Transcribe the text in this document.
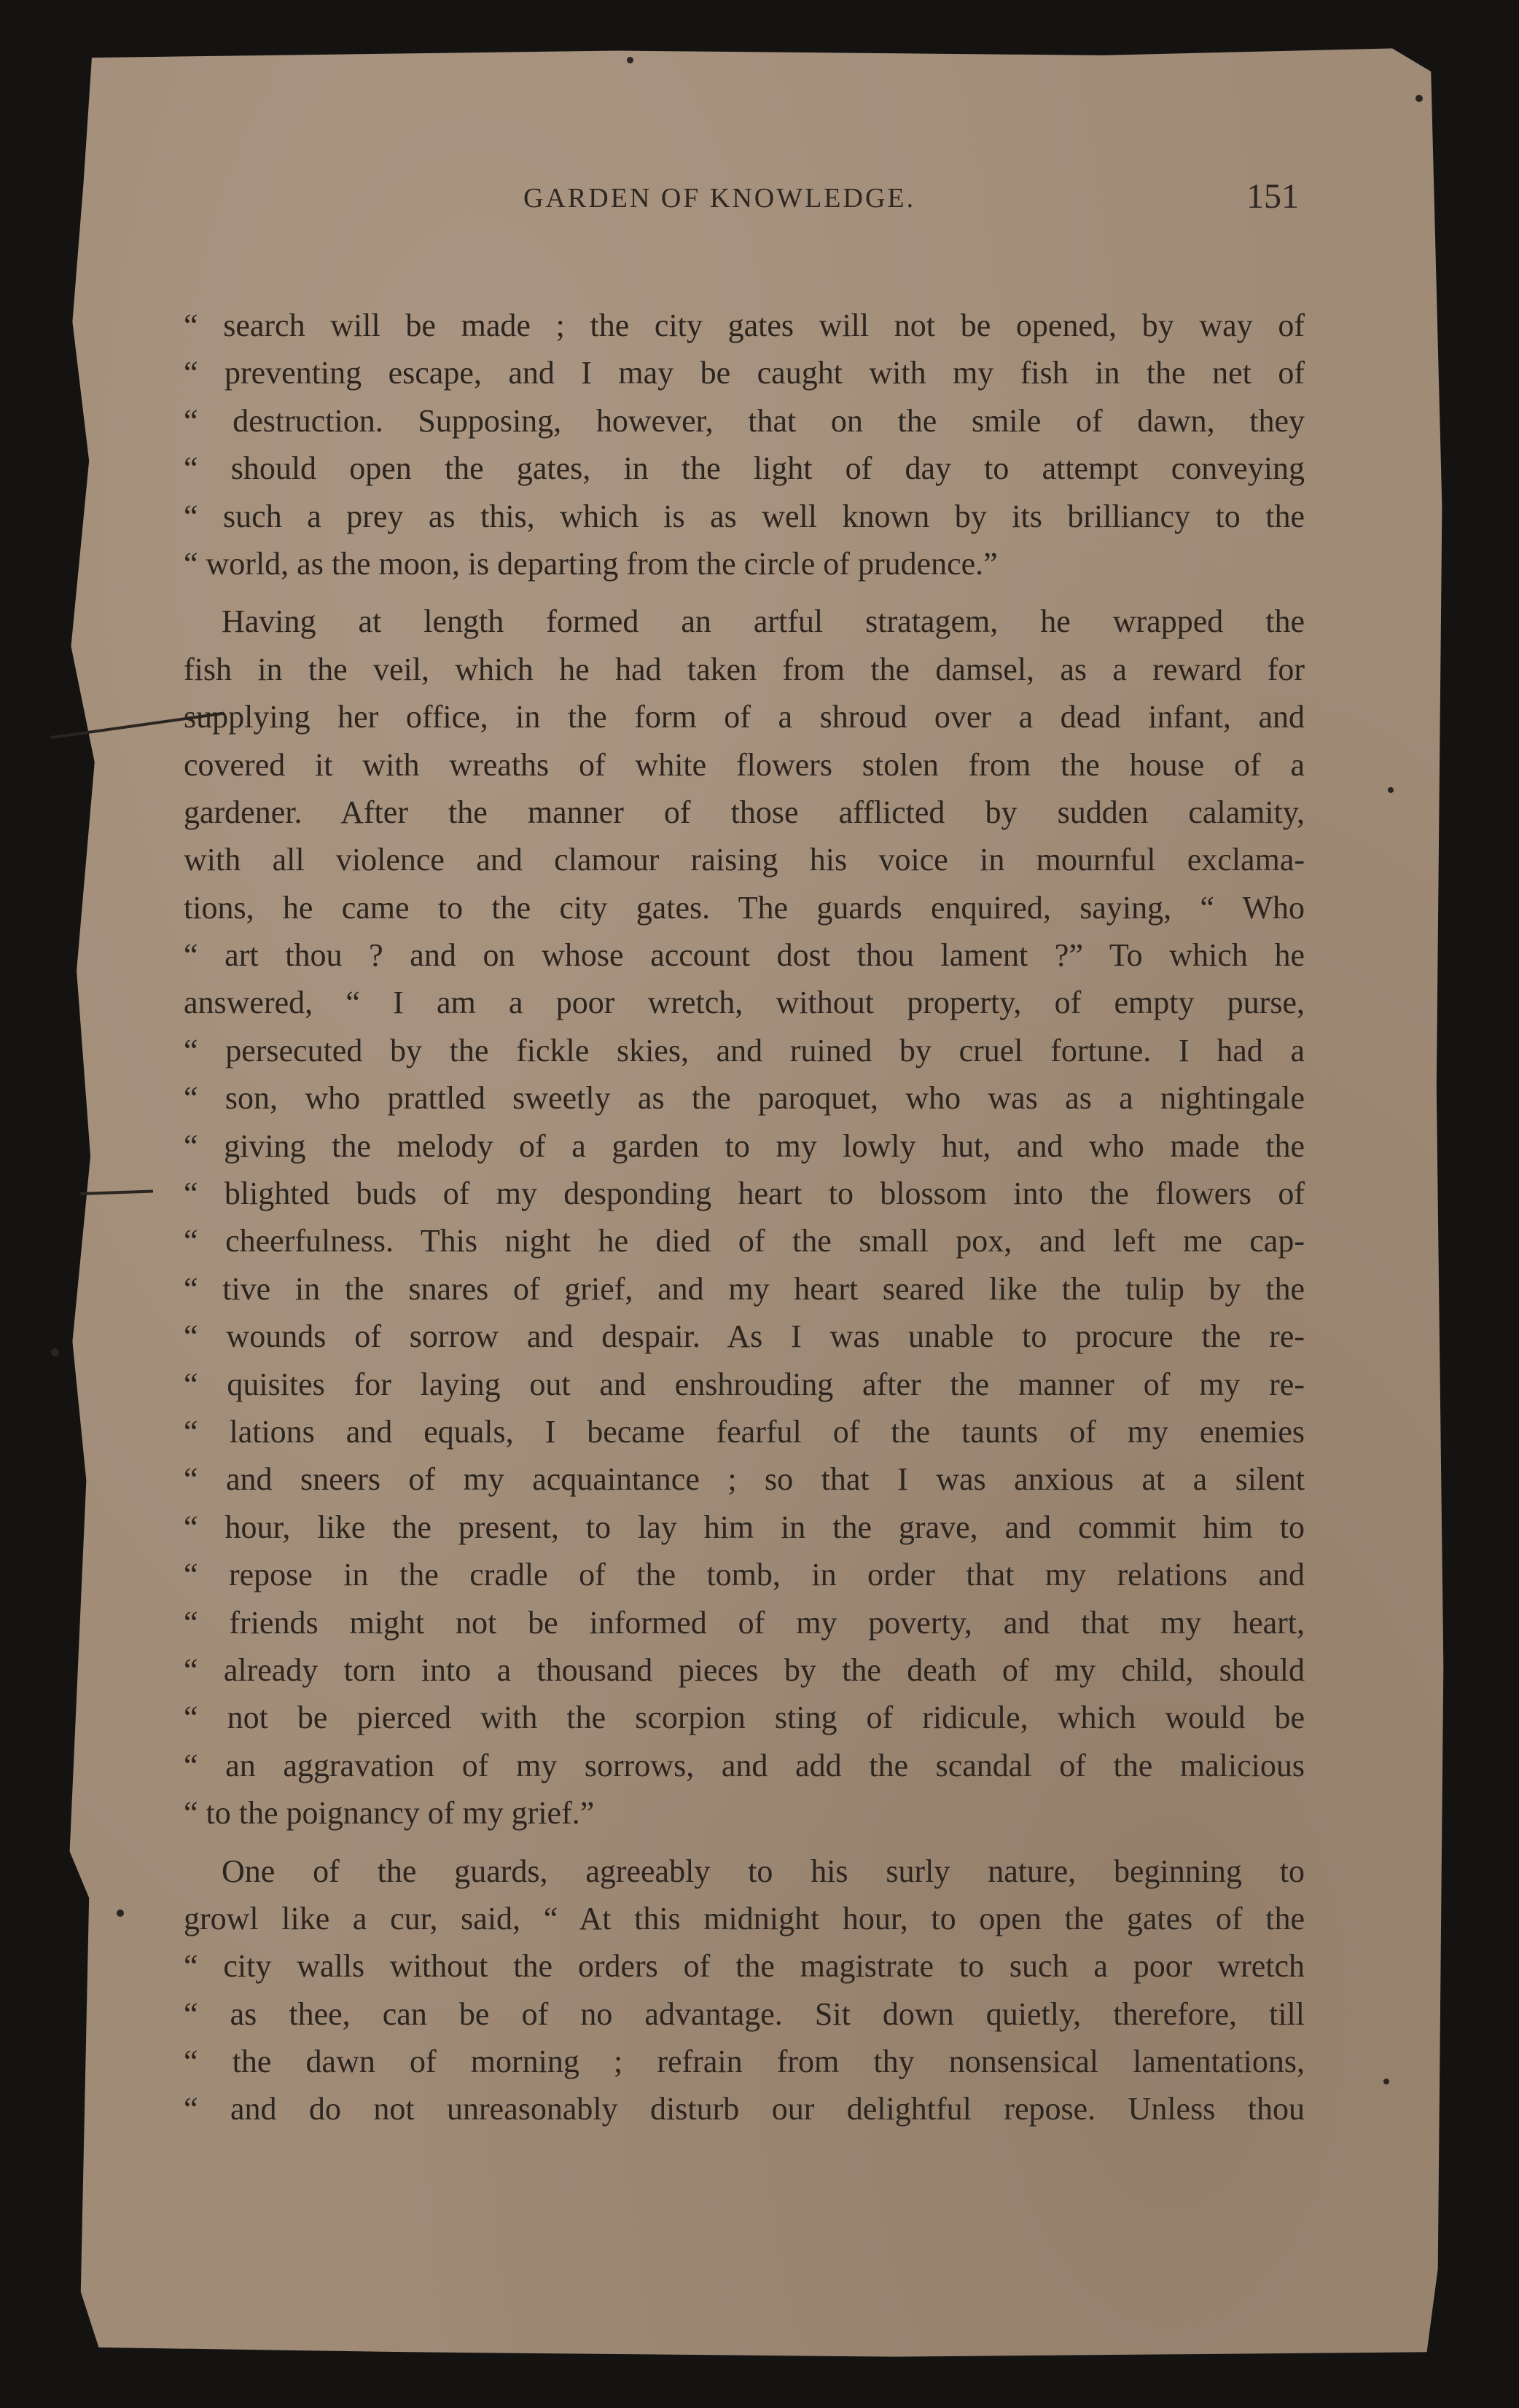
GARDEN OF KNOWLEDGE.	151

“ search will be made ; the city gates will not be opened, by way of
“ preventing escape, and I may be caught with my fish in the net of
“ destruction. Supposing, however, that on the smile of dawn, they
“ should open the gates, in the light of day to attempt conveying
“ such a prey as this, which is as well known by its brilliancy to the
“ world, as the moon, is departing from the circle of prudence.”

Having at length formed an artful stratagem, he wrapped the
fish in the veil, which he had taken from the damsel, as a reward for
supplying her office, in the form of a shroud over a dead infant, and
covered it with wreaths of white flowers stolen from the house of a
gardener. After the manner of those afflicted by sudden calamity,
with all violence and clamour raising his voice in mournful exclama-
tions, he came to the city gates. The guards enquired, saying, “ Who
“ art thou ? and on whose account dost thou lament ?” To which he
answered, “ I am a poor wretch, without property, of empty purse,
“ persecuted by the fickle skies, and ruined by cruel fortune. I had a
“ son, who prattled sweetly as the paroquet, who was as a nightingale
“ giving the melody of a garden to my lowly hut, and who made the
“ blighted buds of my desponding heart to blossom into the flowers of
“ cheerfulness. This night he died of the small pox, and left me cap-
“ tive in the snares of grief, and my heart seared like the tulip by the
“ wounds of sorrow and despair. As I was unable to procure the re-
“ quisites for laying out and enshrouding after the manner of my re-
“ lations and equals, I became fearful of the taunts of my enemies
“ and sneers of my acquaintance ; so that I was anxious at a silent
“ hour, like the present, to lay him in the grave, and commit him to
“ repose in the cradle of the tomb, in order that my relations and
“ friends might not be informed of my poverty, and that my heart,
“ already torn into a thousand pieces by the death of my child, should
“ not be pierced with the scorpion sting of ridicule, which would be
“ an aggravation of my sorrows, and add the scandal of the malicious
“ to the poignancy of my grief.”

One of the guards, agreeably to his surly nature, beginning to
growl like a cur, said, “ At this midnight hour, to open the gates of the
“ city walls without the orders of the magistrate to such a poor wretch
“ as thee, can be of no advantage. Sit down quietly, therefore, till
“ the dawn of morning ; refrain from thy nonsensical lamentations,
“ and do not unreasonably disturb our delightful repose. Unless thou
